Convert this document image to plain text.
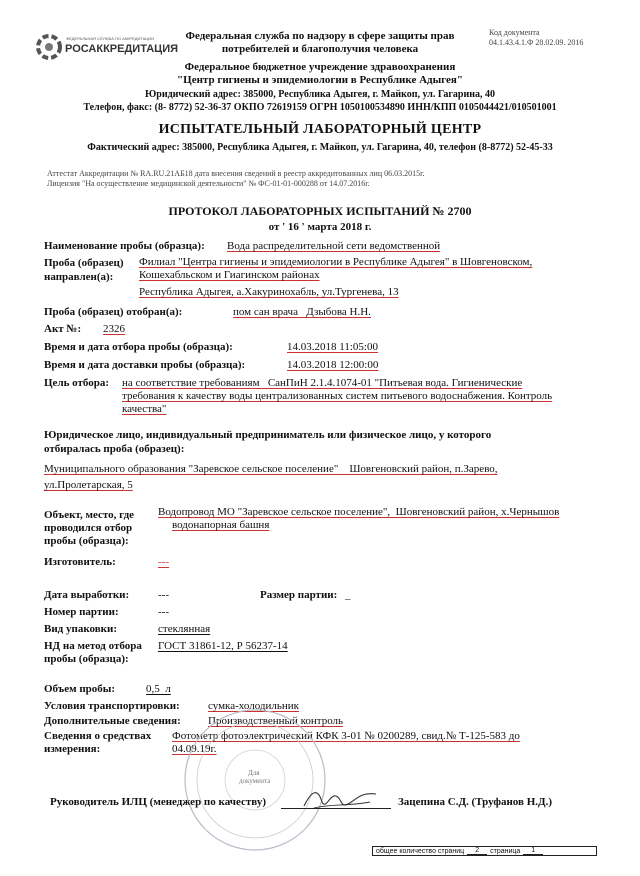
ФЕДЕРАЛЬНАЯ СЛУЖБА ПО АККРЕДИТАЦИИ
РОСАККРЕДИТАЦИЯ
Код документа
04.1.43.4.1.Ф 28.02.09. 2016
Федеральная служба по надзору в сфере защиты прав
потребителей и благополучия человека
Федеральное бюджетное учреждение здравоохранения
"Центр гигиены и эпидемиологии в Республике Адыгея"
Юридический адрес: 385000, Республика Адыгея, г. Майкоп, ул. Гагарина, 40
Телефон, факс: (8- 8772) 52-36-37 ОКПО 72619159 ОГРН 1050100534890 ИНН/КПП 0105044421/010501001
ИСПЫТАТЕЛЬНЫЙ ЛАБОРАТОРНЫЙ ЦЕНТР
Фактический адрес: 385000, Республика Адыгея, г. Майкоп, ул. Гагарина, 40, телефон (8-8772) 52-45-33
Аттестат Аккредитации № RA.RU.21АБ18 дата внесения сведений в реестр аккредитованных лиц 06.03.2015г.
Лицензия "На осуществление медицинской деятельности" № ФС-01-01-000288 от 14.07.2016г.
ПРОТОКОЛ ЛАБОРАТОРНЫХ ИСПЫТАНИЙ № 2700
от ' 16 ' марта 2018 г.
Наименование пробы (образца): Вода распределительной сети ведомственной
Проба (образец) направлен(а):
Филиал "Центра гигиены и эпидемиологии в Республике Адыгея" в Шовгеновском,
Кошехабльском и Гиагинском районах
Республика Адыгея, а.Хакуринохабль, ул.Тургенева, 13
Проба (образец) отобран(а):	пом сан врача   Дзыбова Н.Н.
Акт №: 2326
Время и дата отбора пробы (образца):	14.03.2018 11:05:00
Время и дата доставки пробы (образца):	14.03.2018 12:00:00
Цель отбора: на соответствие требованиям   СанПиН 2.1.4.1074-01 "Питьевая вода. Гигиенические
требования к качеству воды централизованных систем питьевого водоснабжения. Контроль
качества"
Юридическое лицо, индивидуальный предприниматель или физическое лицо, у которого
отбиралась проба (образец):
Муниципального образования "Заревское сельское поселение"    Шовгеновский район, п.Зарево,
ул.Пролетарская, 5
Объект, место, где
проводился отбор
пробы (образца):
Водопровод МО "Заревское сельское поселение",  Шовгеновский район, х.Чернышов
водонапорная башня
Изготовитель:	---
Дата выработки:	---	Размер партии: _
Номер партии:	---
Вид упаковки:	стеклянная
НД на метод отбора
пробы (образца):
ГОСТ 31861-12, Р 56237-14
Объем пробы:	0,5  л
Условия транспортировки:	сумка-холодильник
Дополнительные сведения: Производственный контроль
Сведения о средствах
измерения:
Фотометр фотоэлектрический КФК 3-01 № 0200289, свид.№ Т-125-583 до
04.09.19г.
Для
документа
Руководитель ИЛЦ (менеджер по качеству)	Зацепина С.Д. (Труфанов Н.Д.)
общее количество страниц	2	страница	1
